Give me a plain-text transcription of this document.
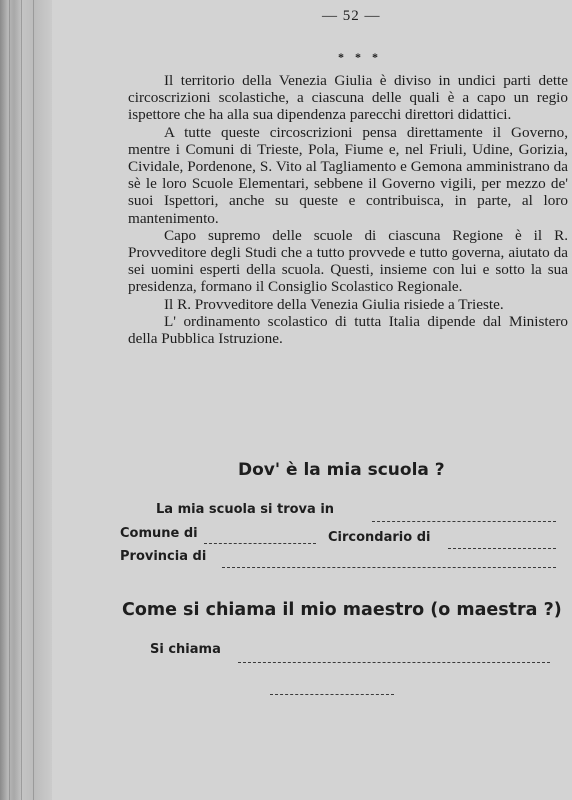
— 52 —
* * *

Il territorio della Venezia Giulia è diviso in undici parti dette circoscrizioni scolastiche, a ciascuna delle quali è a capo un regio ispettore che ha alla sua dipendenza parecchi direttori didattici.

A tutte queste circoscrizioni pensa direttamente il Governo, mentre i Comuni di Trieste, Pola, Fiume e, nel Friuli, Udine, Gorizia, Cividale, Pordenone, S. Vito al Tagliamento e Gemona amministrano da sè le loro Scuole Elementari, sebbene il Governo vigili, per mezzo de' suoi Ispettori, anche su queste e contribuisca, in parte, al loro mantenimento.

Capo supremo delle scuole di ciascuna Regione è il R. Provveditore degli Studi che a tutto provvede e tutto governa, aiutato da sei uomini esperti della scuola. Questi, insieme con lui e sotto la sua presidenza, formano il Consiglio Scolastico Regionale.

Il R. Provveditore della Venezia Giulia risiede a Trieste.

L' ordinamento scolastico di tutta Italia dipende dal Ministero della Pubblica Istruzione.

Dov' è la mia scuola ?
La mia scuola si trova in
Comune di	Circondario di
Provincia di
Come si chiama il mio maestro (o maestra ?)
Si chiama
